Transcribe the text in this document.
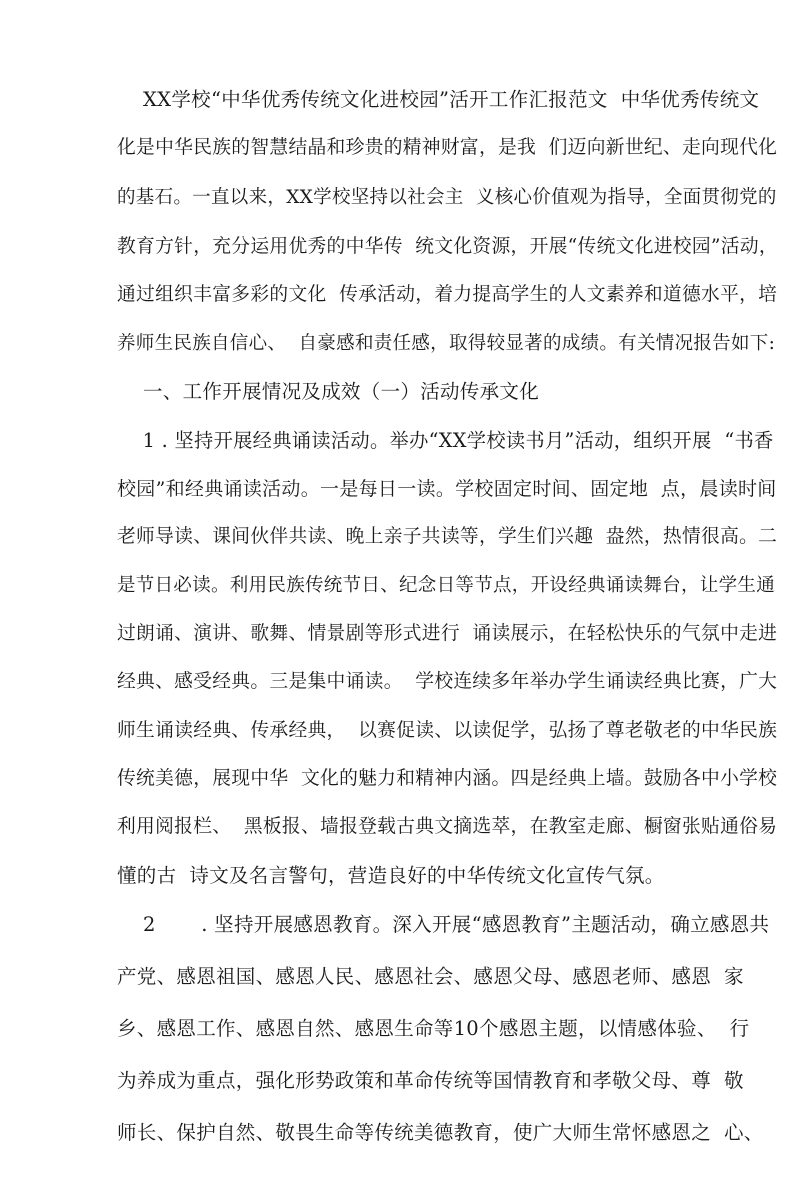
XX学校“中华优秀传统文化进校园”活开工作汇报范文  中华优秀传统文
化是中华民族的智慧结晶和珍贵的精神财富，是我  们迈向新世纪、走向现代化
的基石。一直以来，XX学校坚持以社会主  义核心价值观为指导，全面贯彻党的
教育方针，充分运用优秀的中华传  统文化资源，开展“传统文化进校园”活动，
通过组织丰富多彩的文化  传承活动，着力提高学生的人文素养和道德水平，培
养师生民族自信心、  自豪感和责任感，取得较显著的成绩。有关情况报告如下:
一、工作开展情况及成效（一）活动传承文化
1 . 坚持开展经典诵读活动。举办“XX学校读书月”活动，组织开展  “书香
校园”和经典诵读活动。一是每日一读。学校固定时间、固定地  点，晨读时间
老师导读、课间伙伴共读、晚上亲子共读等，学生们兴趣  盎然，热情很高。二
是节日必读。利用民族传统节日、纪念日等节点，开设经典诵读舞台，让学生通
过朗诵、演讲、歌舞、情景剧等形式进行  诵读展示，在轻松快乐的气氛中走进
经典、感受经典。三是集中诵读。  学校连续多年举办学生诵读经典比赛，广大
师生诵读经典、传承经典，  以赛促读、以读促学，弘扬了尊老敬老的中华民族
传统美德，展现中华  文化的魅力和精神内涵。四是经典上墙。鼓励各中小学校
利用阅报栏、  黑板报、墙报登载古典文摘选萃，在教室走廊、橱窗张贴通俗易
懂的古  诗文及名言警句，营造良好的中华传统文化宣传气氛。
2       . 坚持开展感恩教育。深入开展“感恩教育”主题活动，确立感恩共
产党、感恩祖国、感恩人民、感恩社会、感恩父母、感恩老师、感恩  家
乡、感恩工作、感恩自然、感恩生命等10个感恩主题，以情感体验、  行
为养成为重点，强化形势政策和革命传统等国情教育和孝敬父母、尊  敬
师长、保护自然、敬畏生命等传统美德教育，使广大师生常怀感恩之  心、
